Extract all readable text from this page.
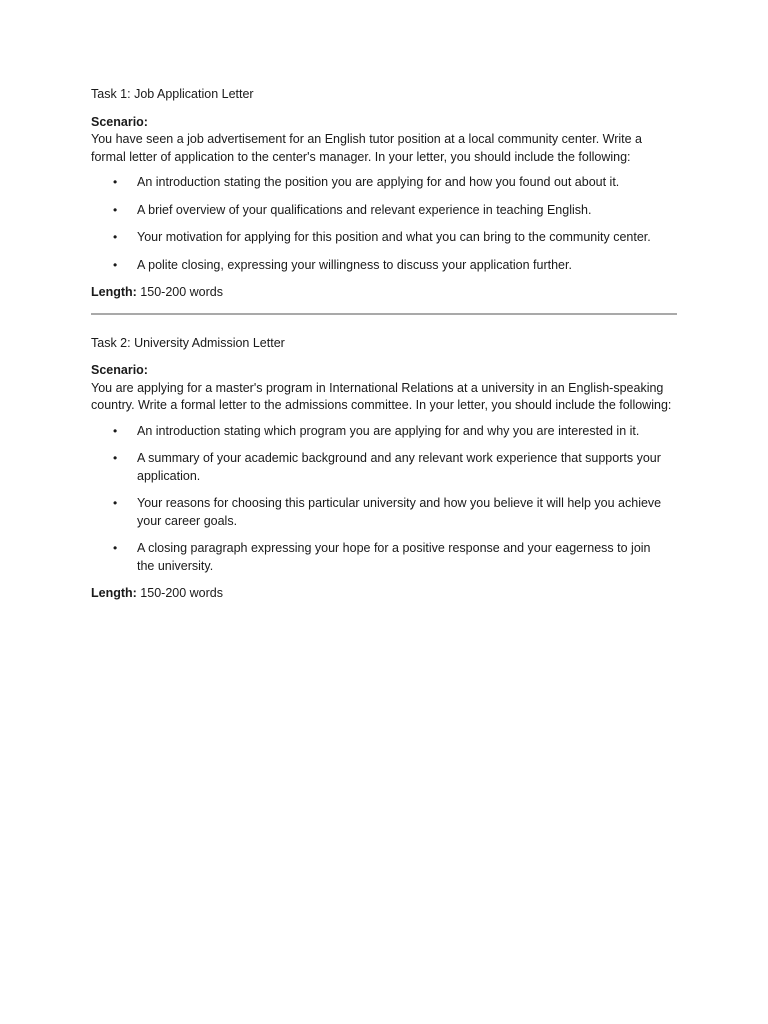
Task 1: Job Application Letter

Scenario:

You have seen a job advertisement for an English tutor position at a local community center. Write a formal letter of application to the center's manager. In your letter, you should include the following:

• An introduction stating the position you are applying for and how you found out about it.
• A brief overview of your qualifications and relevant experience in teaching English.
• Your motivation for applying for this position and what you can bring to the community center.
• A polite closing, expressing your willingness to discuss your application further.

Length: 150-200 words

Task 2: University Admission Letter

Scenario:

You are applying for a master's program in International Relations at a university in an English-speaking country. Write a formal letter to the admissions committee. In your letter, you should include the following:

• An introduction stating which program you are applying for and why you are interested in it.
• A summary of your academic background and any relevant work experience that supports your application.
• Your reasons for choosing this particular university and how you believe it will help you achieve your career goals.
• A closing paragraph expressing your hope for a positive response and your eagerness to join the university.

Length: 150-200 words
